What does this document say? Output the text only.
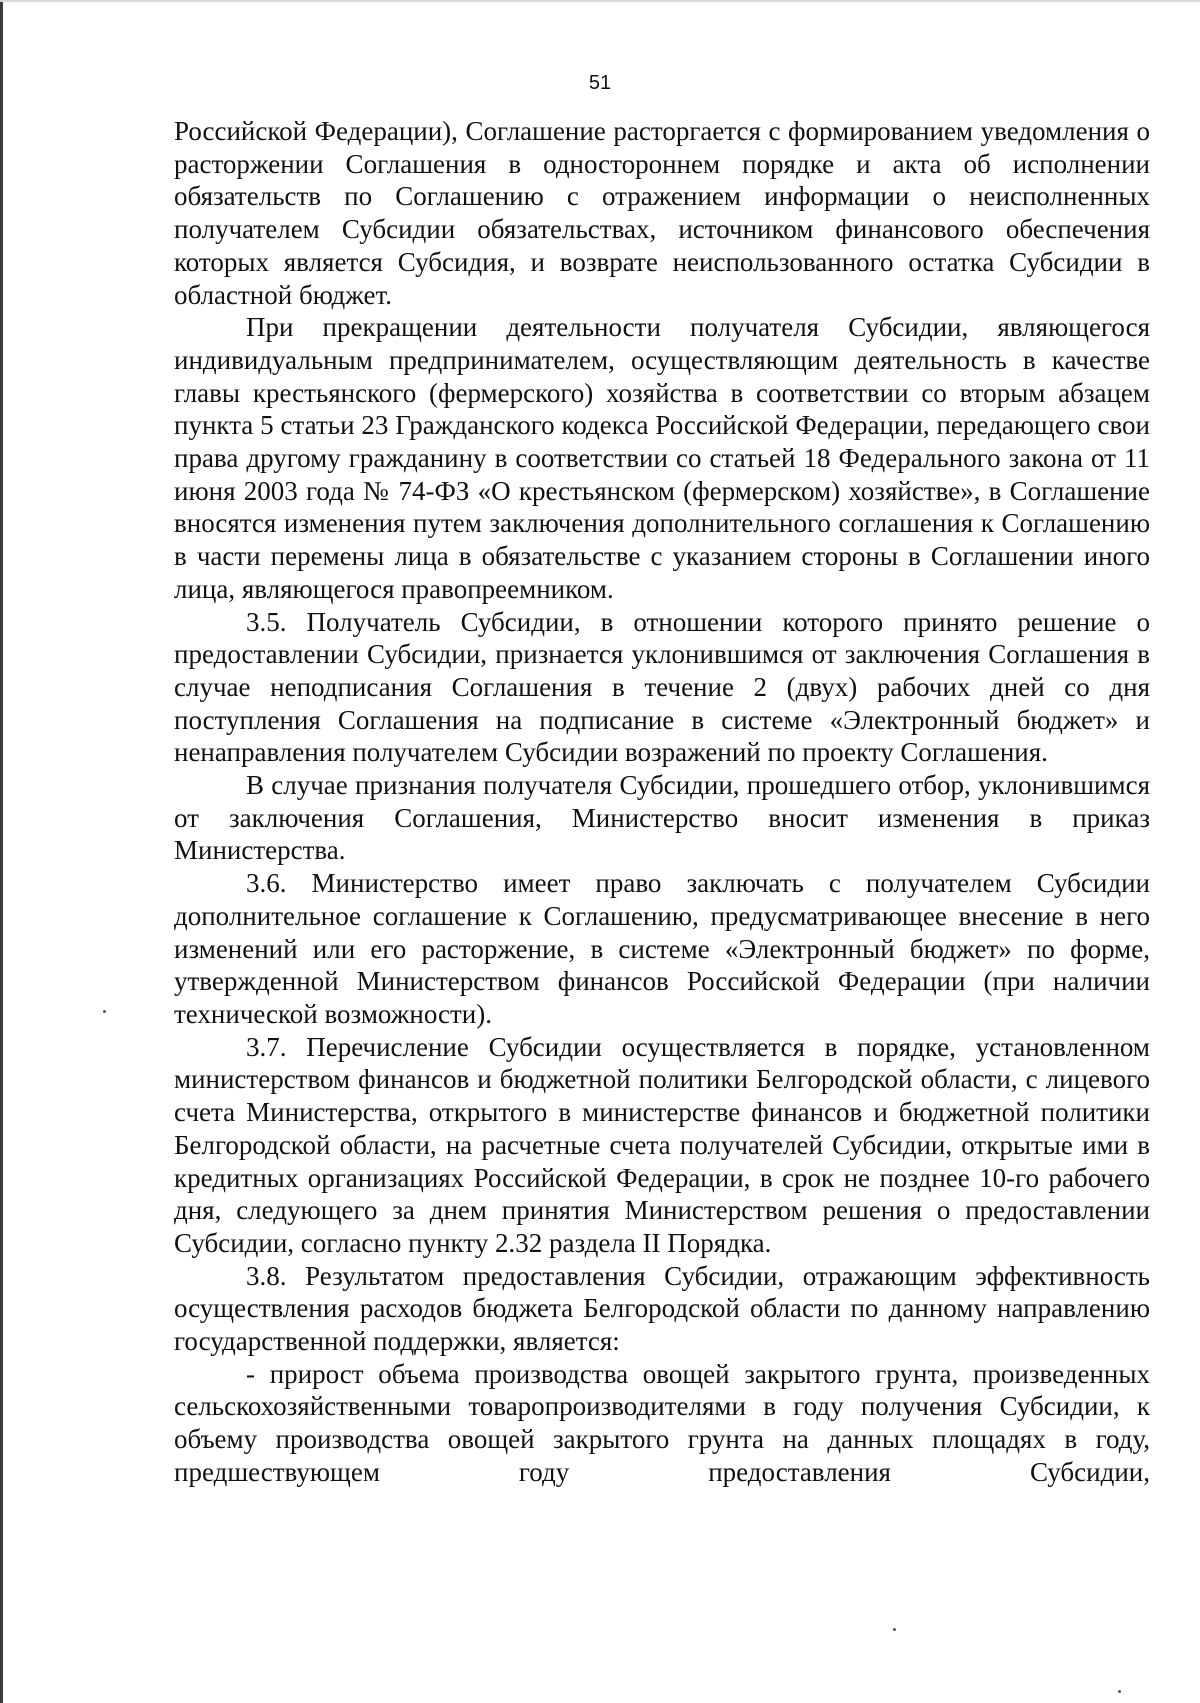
51

Российской Федерации), Соглашение расторгается с формированием уведомления о расторжении Соглашения в одностороннем порядке и акта об исполнении обязательств по Соглашению с отражением информации о неисполненных получателем Субсидии обязательствах, источником финансового обеспечения которых является Субсидия, и возврате неиспользованного остатка Субсидии в областной бюджет.

При прекращении деятельности получателя Субсидии, являющегося индивидуальным предпринимателем, осуществляющим деятельность в качестве главы крестьянского (фермерского) хозяйства в соответствии со вторым абзацем пункта 5 статьи 23 Гражданского кодекса Российской Федерации, передающего свои права другому гражданину в соответствии со статьей 18 Федерального закона от 11 июня 2003 года № 74-ФЗ «О крестьянском (фермерском) хозяйстве», в Соглашение вносятся изменения путем заключения дополнительного соглашения к Соглашению в части перемены лица в обязательстве с указанием стороны в Соглашении иного лица, являющегося правопреемником.

3.5. Получатель Субсидии, в отношении которого принято решение о предоставлении Субсидии, признается уклонившимся от заключения Соглашения в случае неподписания Соглашения в течение 2 (двух) рабочих дней со дня поступления Соглашения на подписание в системе «Электронный бюджет» и ненаправления получателем Субсидии возражений по проекту Соглашения.

В случае признания получателя Субсидии, прошедшего отбор, уклонившимся от заключения Соглашения, Министерство вносит изменения в приказ Министерства.

3.6. Министерство имеет право заключать с получателем Субсидии дополнительное соглашение к Соглашению, предусматривающее внесение в него изменений или его расторжение, в системе «Электронный бюджет» по форме, утвержденной Министерством финансов Российской Федерации (при наличии технической возможности).

3.7. Перечисление Субсидии осуществляется в порядке, установленном министерством финансов и бюджетной политики Белгородской области, с лицевого счета Министерства, открытого в министерстве финансов и бюджетной политики Белгородской области, на расчетные счета получателей Субсидии, открытые ими в кредитных организациях Российской Федерации, в срок не позднее 10-го рабочего дня, следующего за днем принятия Министерством решения о предоставлении Субсидии, согласно пункту 2.32 раздела II Порядка.

3.8. Результатом предоставления Субсидии, отражающим эффективность осуществления расходов бюджета Белгородской области по данному направлению государственной поддержки, является:

- прирост объема производства овощей закрытого грунта, произведенных сельскохозяйственными товаропроизводителями в году получения Субсидии, к объему производства овощей закрытого грунта на данных площадях в году, предшествующем году предоставления Субсидии,
